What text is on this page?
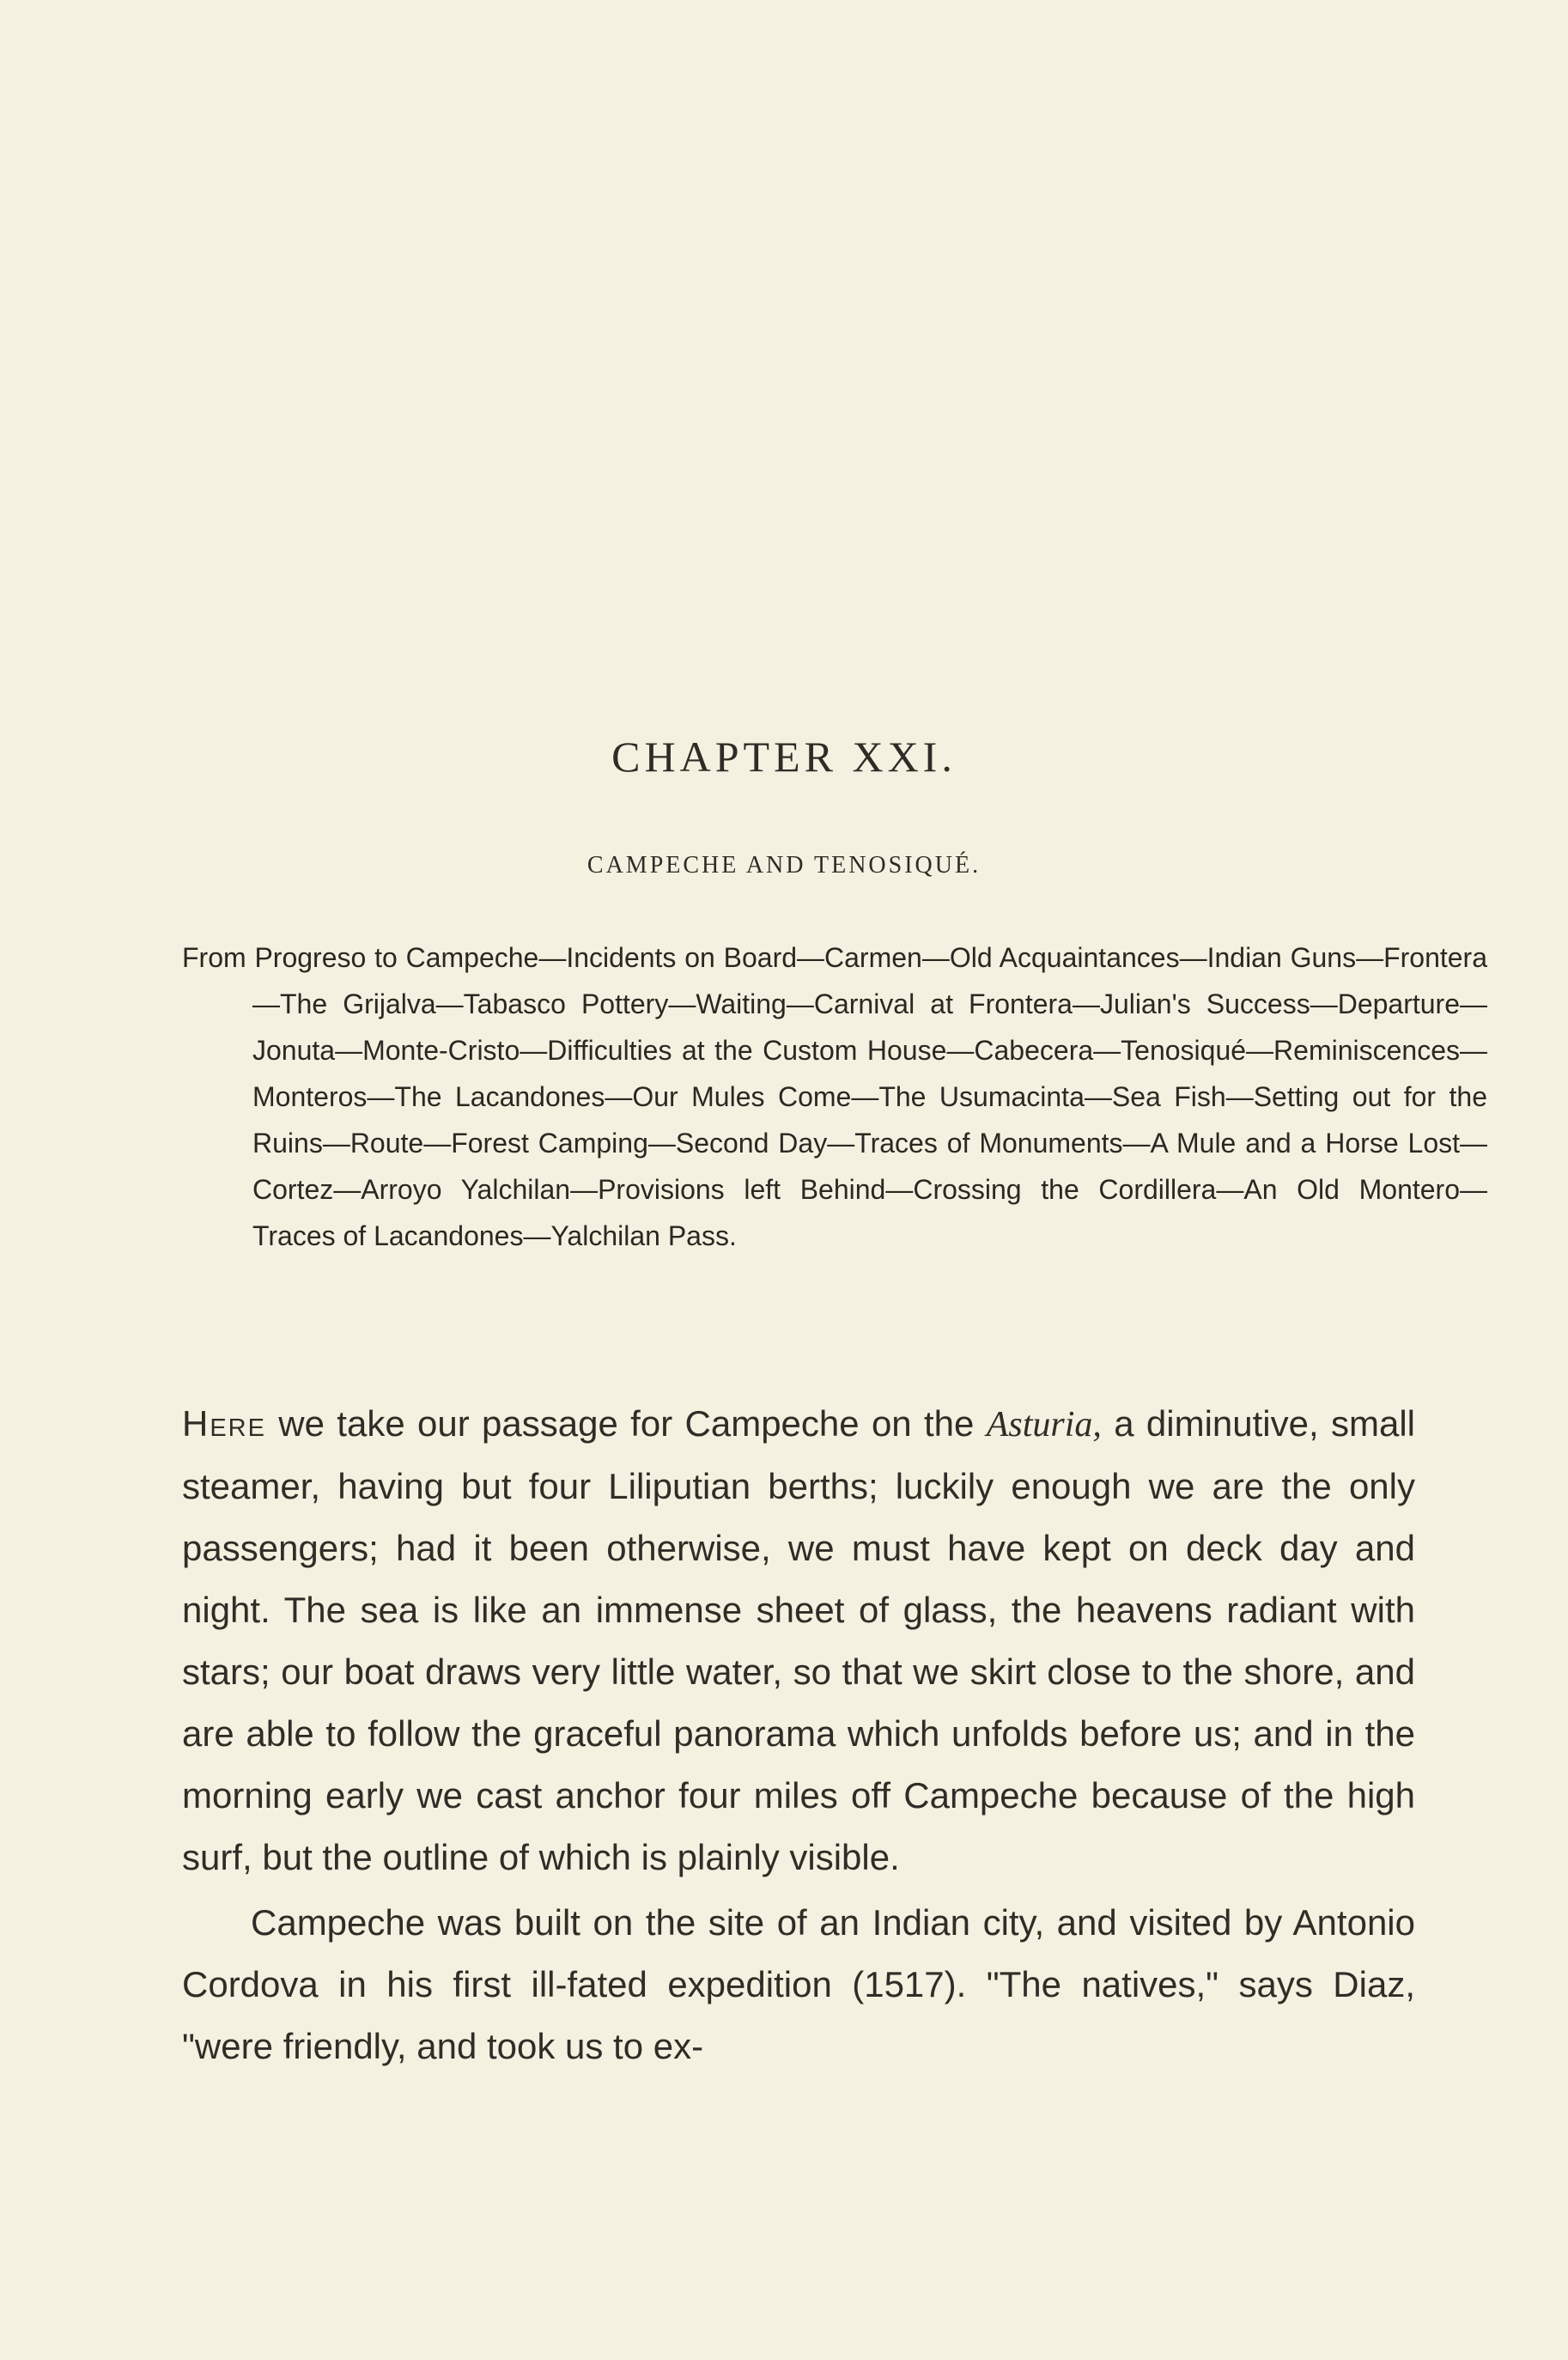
CHAPTER XXI.
CAMPECHE AND TENOSIQUÉ.

From Progreso to Campeche—Incidents on Board—Carmen—Old Acquaintances—Indian Guns—Frontera—The Grijalva—Tabasco Pottery—Waiting—Carnival at Frontera—Julian's Success—Departure—Jonuta—Monte-Cristo—Difficulties at the Custom House—Cabecera—Tenosiqué—Reminiscences—Monteros—The Lacandones—Our Mules Come—The Usumacinta—Sea Fish—Setting out for the Ruins—Route—Forest Camping—Second Day—Traces of Monuments—A Mule and a Horse Lost—Cortez—Arroyo Yalchilan—Provisions left Behind—Crossing the Cordillera—An Old Montero—Traces of Lacandones—Yalchilan Pass.

Here we take our passage for Campeche on the Asturia, a diminutive, small steamer, having but four Liliputian berths; luckily enough we are the only passengers; had it been otherwise, we must have kept on deck day and night. The sea is like an immense sheet of glass, the heavens radiant with stars; our boat draws very little water, so that we skirt close to the shore, and are able to follow the graceful panorama which unfolds before us; and in the morning early we cast anchor four miles off Campeche because of the high surf, but the outline of which is plainly visible.

Campeche was built on the site of an Indian city, and visited by Antonio Cordova in his first ill-fated expedition (1517). "The natives," says Diaz, "were friendly, and took us to ex-
